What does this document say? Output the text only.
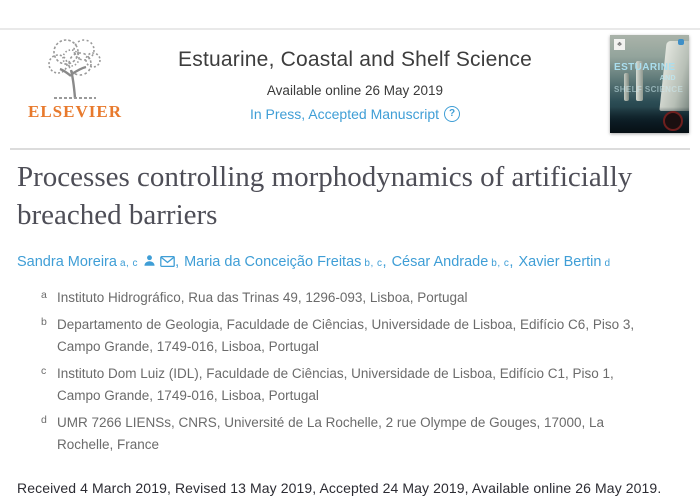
ELSEVIER
Estuarine, Coastal and Shelf Science
Available online 26 May 2019
In Press, Accepted Manuscript ?
♣
ESTUARINE
AND
SHELF SCIENCE
Processes controlling morphodynamics of artificially breached barriers
Sandra Moreira a, c	, Maria da Conceição Freitas b, c , César Andrade b, c , Xavier Bertin d
a Instituto Hidrográfico, Rua das Trinas 49, 1296-093, Lisboa, Portugal
b Departamento de Geologia, Faculdade de Ciências, Universidade de Lisboa, Edifício C6, Piso 3, Campo Grande, 1749-016, Lisboa, Portugal
c Instituto Dom Luiz (IDL), Faculdade de Ciências, Universidade de Lisboa, Edifício C1, Piso 1, Campo Grande, 1749-016, Lisboa, Portugal
d UMR 7266 LIENSs, CNRS, Université de La Rochelle, 2 rue Olympe de Gouges, 17000, La Rochelle, France
Received 4 March 2019, Revised 13 May 2019, Accepted 24 May 2019, Available online 26 May 2019.
